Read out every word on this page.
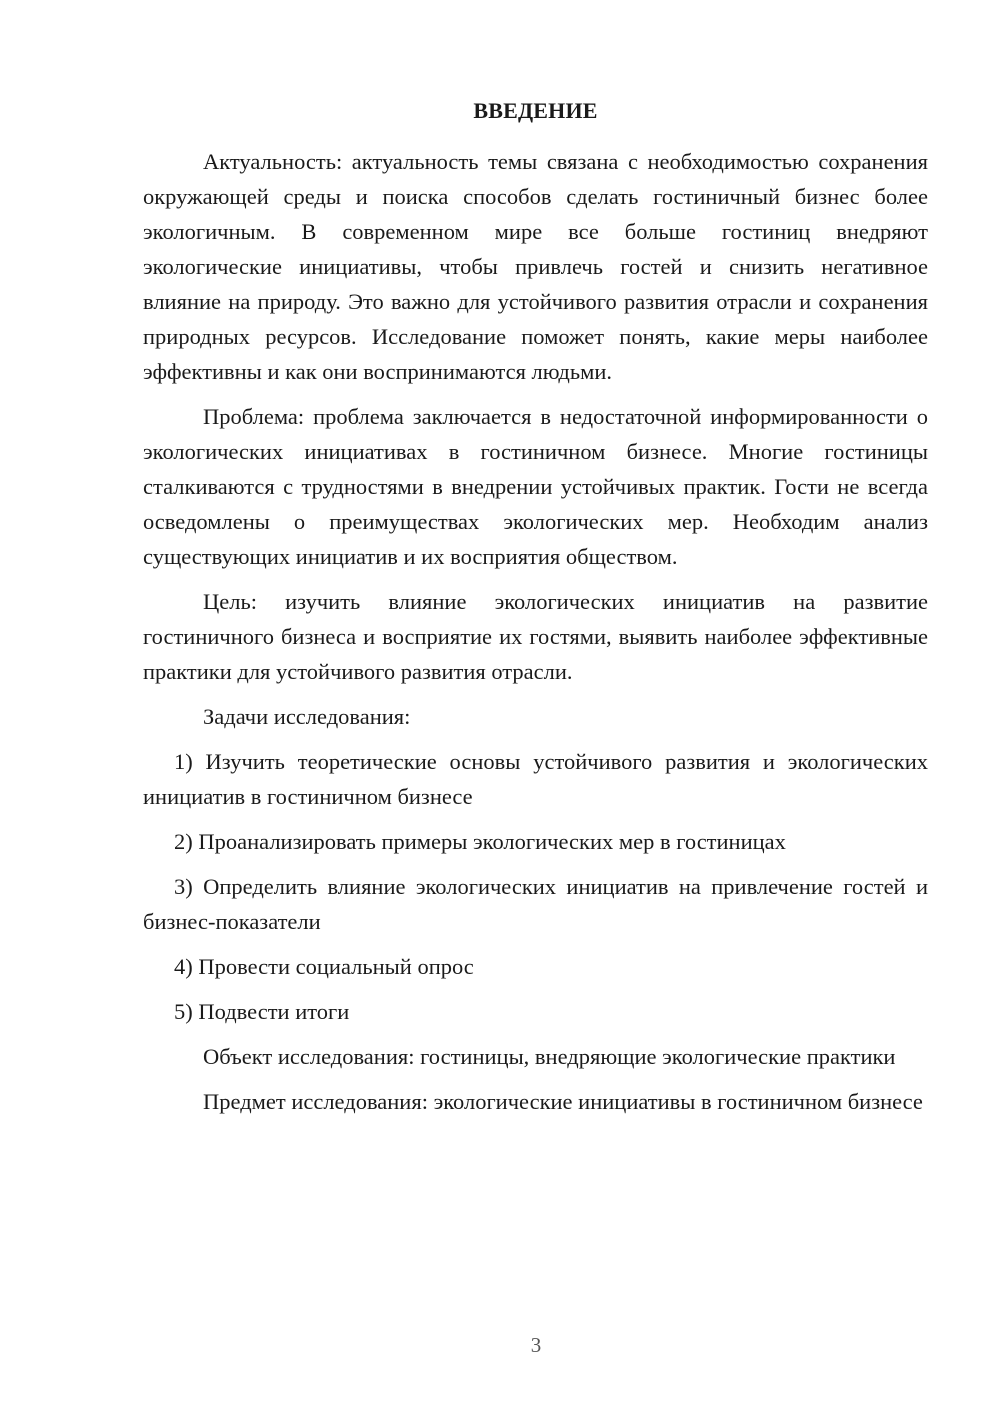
ВВЕДЕНИЕ

Актуальность: актуальность темы связана с необходимостью сохранения окружающей среды и поиска способов сделать гостиничный бизнес более экологичным. В современном мире все больше гостиниц внедряют экологические инициативы, чтобы привлечь гостей и снизить негативное влияние на природу. Это важно для устойчивого развития отрасли и сохранения природных ресурсов. Исследование поможет понять, какие меры наиболее эффективны и как они воспринимаются людьми.

Проблема: проблема заключается в недостаточной информированности о экологических инициативах в гостиничном бизнесе. Многие гостиницы сталкиваются с трудностями в внедрении устойчивых практик. Гости не всегда осведомлены о преимуществах экологических мер. Необходим анализ существующих инициатив и их восприятия обществом.

Цель: изучить влияние экологических инициатив на развитие гостиничного бизнеса и восприятие их гостями, выявить наиболее эффективные практики для устойчивого развития отрасли.

Задачи исследования:

1) Изучить теоретические основы устойчивого развития и экологических инициатив в гостиничном бизнесе

2) Проанализировать примеры экологических мер в гостиницах

3) Определить влияние экологических инициатив на привлечение гостей и бизнес-показатели

4) Провести социальный опрос

5) Подвести итоги

Объект исследования: гостиницы, внедряющие экологические практики

Предмет исследования: экологические инициативы в гостиничном бизнесе

3
